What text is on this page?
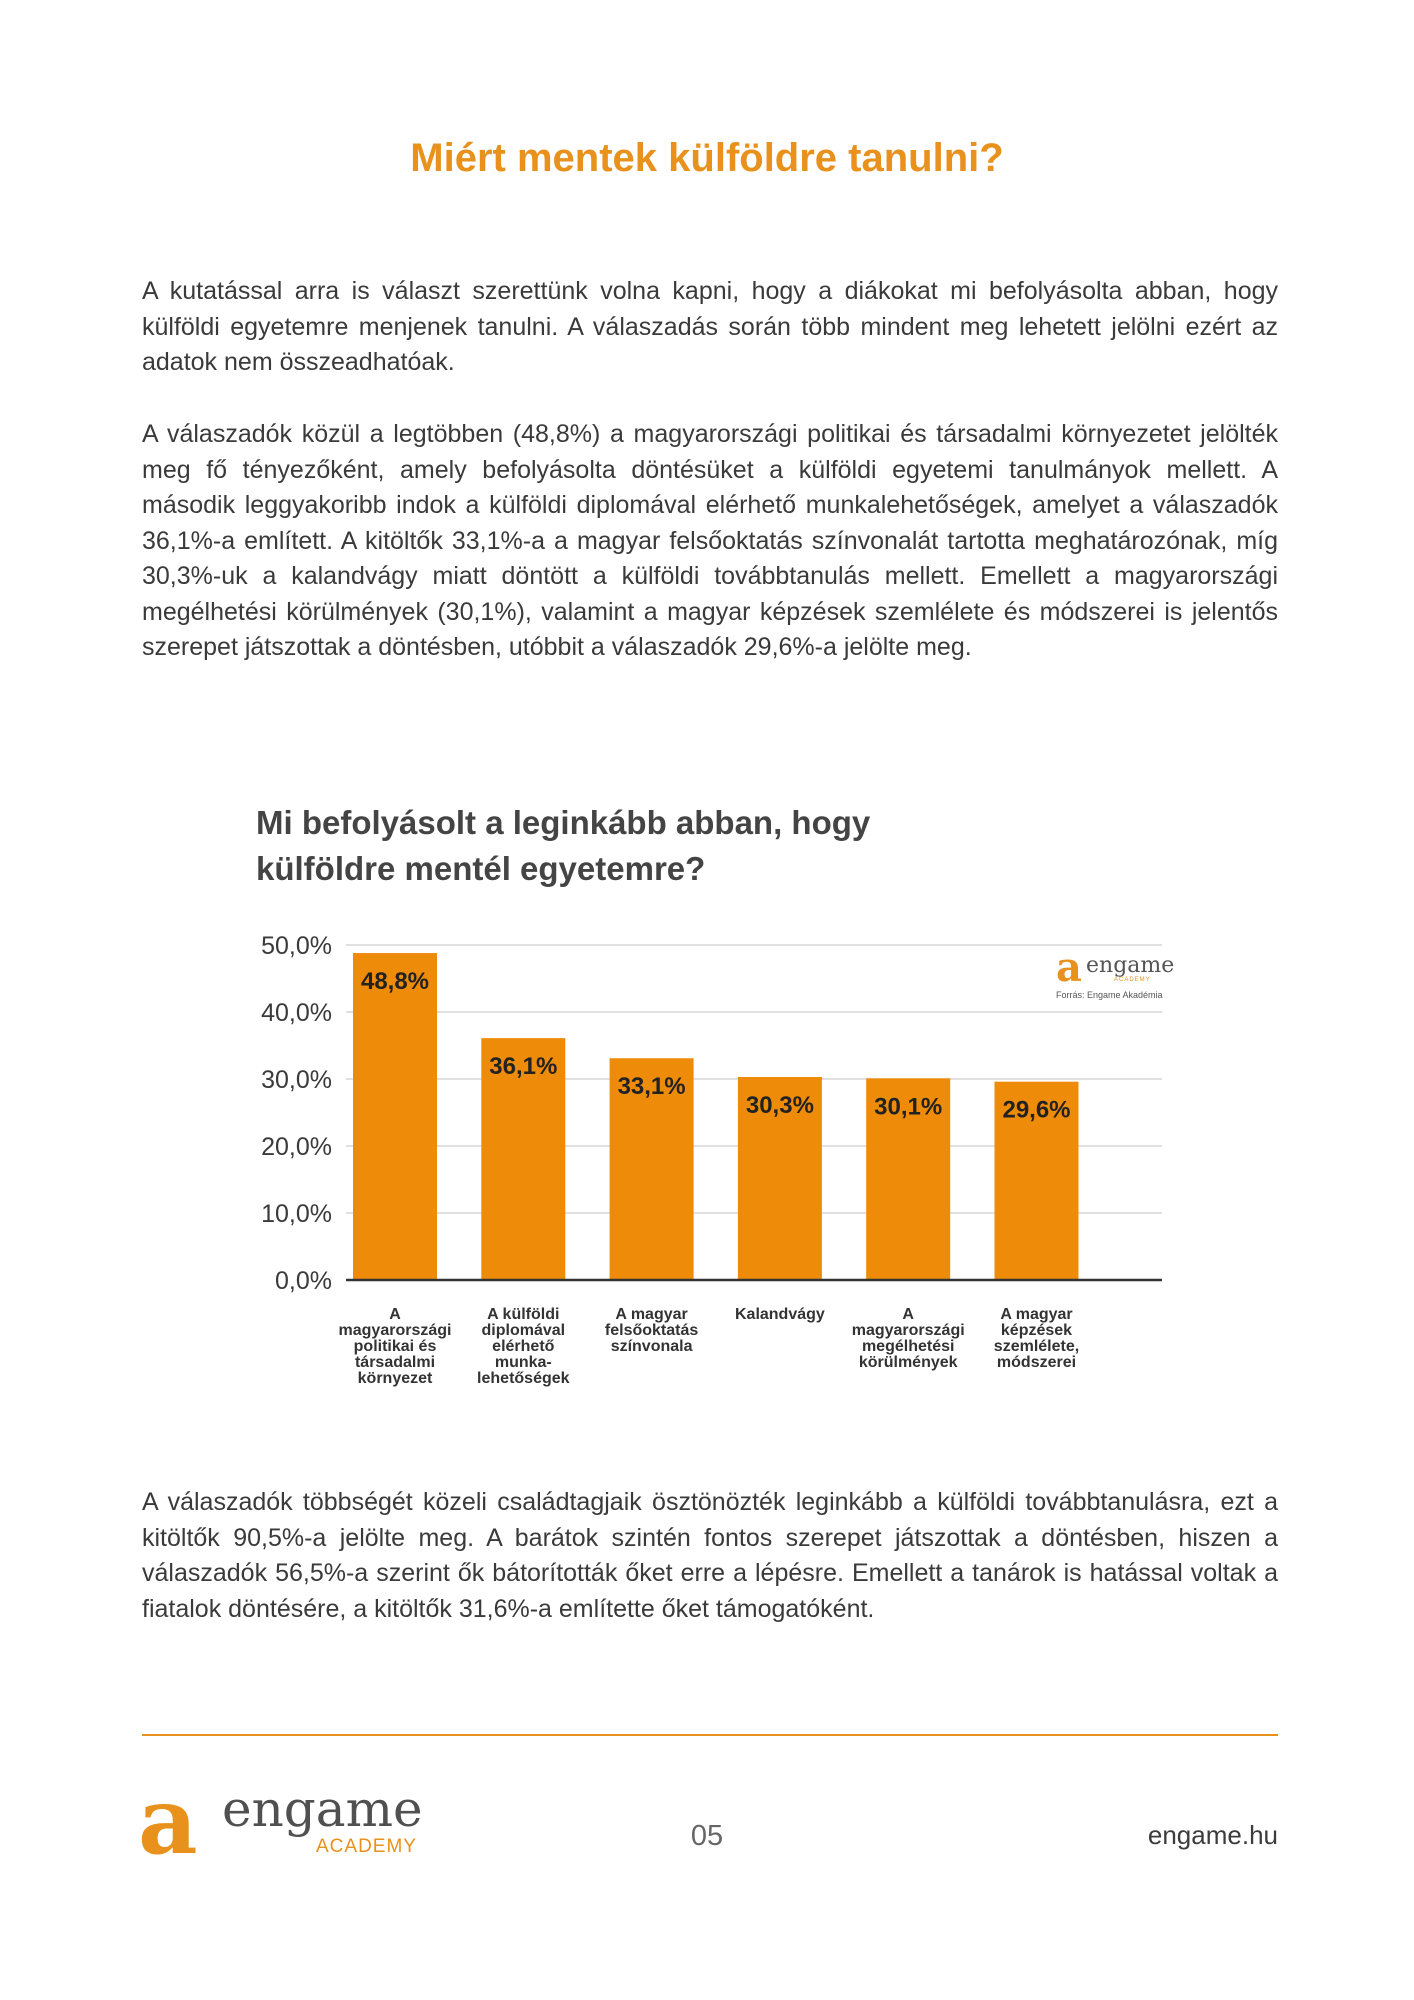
Miért mentek külföldre tanulni?

A kutatással arra is választ szerettünk volna kapni, hogy a diákokat mi befolyásolta abban, hogy külföldi egyetemre menjenek tanulni. A válaszadás során több mindent meg lehetett jelölni ezért az adatok nem összeadhatóak.

A válaszadók közül a legtöbben (48,8%) a magyarországi politikai és társadalmi környezetet jelölték meg fő tényezőként, amely befolyásolta döntésüket a külföldi egyetemi tanulmányok mellett. A második leggyakoribb indok a külföldi diplomával elérhető munkalehetőségek, amelyet a válaszadók 36,1%-a említett. A kitöltők 33,1%-a a magyar felsőoktatás színvonalát tartotta meghatározónak, míg 30,3%-uk a kalandvágy miatt döntött a külföldi továbbtanulás mellett. Emellett a magyarországi megélhetési körülmények (30,1%), valamint a magyar képzések szemlélete és módszerei is jelentős szerepet játszottak a döntésben, utóbbit a válaszadók 29,6%-a jelölte meg.

Mi befolyásolt a leginkább abban, hogy külföldre mentél egyetemre?
0,0%
10,0%
20,0%
30,0%
40,0%
50,0%
48,8%
A
magyarországi
politikai és
társadalmi
környezet
36,1%
A külföldi
diplomával
elérhető
munka-
lehetőségek
33,1%
A magyar
felsőoktatás
színvonala
30,3%
Kalandvágy
30,1%
A
magyarországi
megélhetési
körülmények
29,6%
A magyar
képzések
szemlélete,
módszerei
a engame
ACADEMY
Forrás: Engame Akadémia

A válaszadók többségét közeli családtagjaik ösztönözték leginkább a külföldi továbbtanulásra, ezt a kitöltők 90,5%-a jelölte meg. A barátok szintén fontos szerepet játszottak a döntésben, hiszen a válaszadók 56,5%-a szerint ők bátorították őket erre a lépésre. Emellett a tanárok is hatással voltak a fiatalok döntésére, a kitöltők 31,6%-a említette őket támogatóként.

a engame
ACADEMY	05	engame.hu
